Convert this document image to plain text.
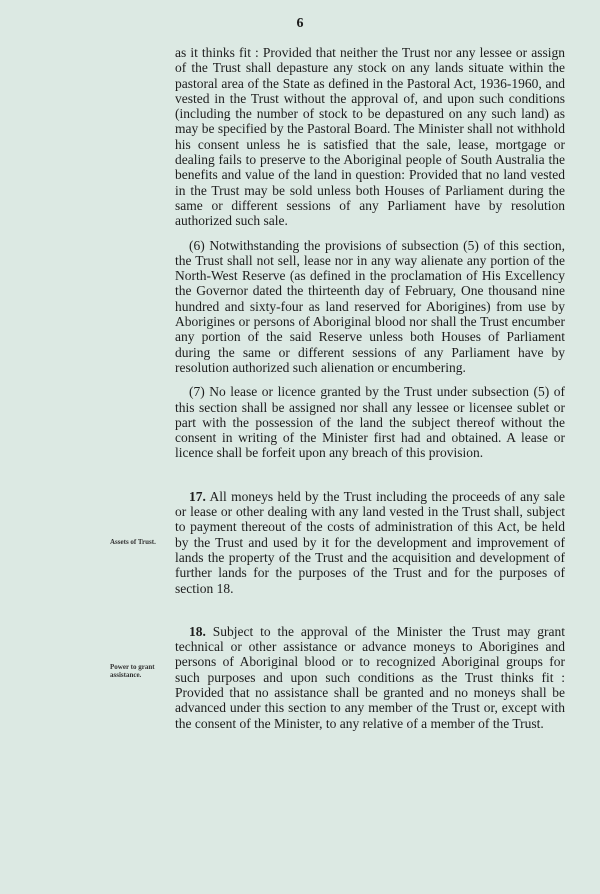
6

as it thinks fit : Provided that neither the Trust nor any lessee or assign of the Trust shall depasture any stock on any lands situate within the pastoral area of the State as defined in the Pastoral Act, 1936-1960, and vested in the Trust without the approval of, and upon such conditions (including the number of stock to be depastured on any such land) as may be specified by the Pastoral Board. The Minister shall not withhold his consent unless he is satisfied that the sale, lease, mortgage or dealing fails to preserve to the Aboriginal people of South Australia the benefits and value of the land in question: Provided that no land vested in the Trust may be sold unless both Houses of Parliament during the same or different sessions of any Parliament have by resolution authorized such sale.

(6) Notwithstanding the provisions of subsection (5) of this section, the Trust shall not sell, lease nor in any way alienate any portion of the North-West Reserve (as defined in the proclamation of His Excellency the Governor dated the thirteenth day of February, One thousand nine hundred and sixty-four as land reserved for Aborigines) from use by Aborigines or persons of Aboriginal blood nor shall the Trust encumber any portion of the said Reserve unless both Houses of Parliament during the same or different sessions of any Parliament have by resolution authorized such alienation or encumbering.

(7) No lease or licence granted by the Trust under subsection (5) of this section shall be assigned nor shall any lessee or licensee sublet or part with the possession of the land the subject thereof without the consent in writing of the Minister first had and obtained. A lease or licence shall be forfeit upon any breach of this provision.

17. All moneys held by the Trust including the proceeds of any sale or lease or other dealing with any land vested in the Trust shall, subject to payment thereout of the costs of administration of this Act, be held by the Trust and used by it for the development and improvement of lands the property of the Trust and the acquisition and development of further lands for the purposes of the Trust and for the purposes of section 18.

18. Subject to the approval of the Minister the Trust may grant technical or other assistance or advance moneys to Aborigines and persons of Aboriginal blood or to recognized Aboriginal groups for such purposes and upon such conditions as the Trust thinks fit : Provided that no assistance shall be granted and no moneys shall be advanced under this section to any member of the Trust or, except with the consent of the Minister, to any relative of a member of the Trust.

Assets of Trust.
Power to grant assistance.
